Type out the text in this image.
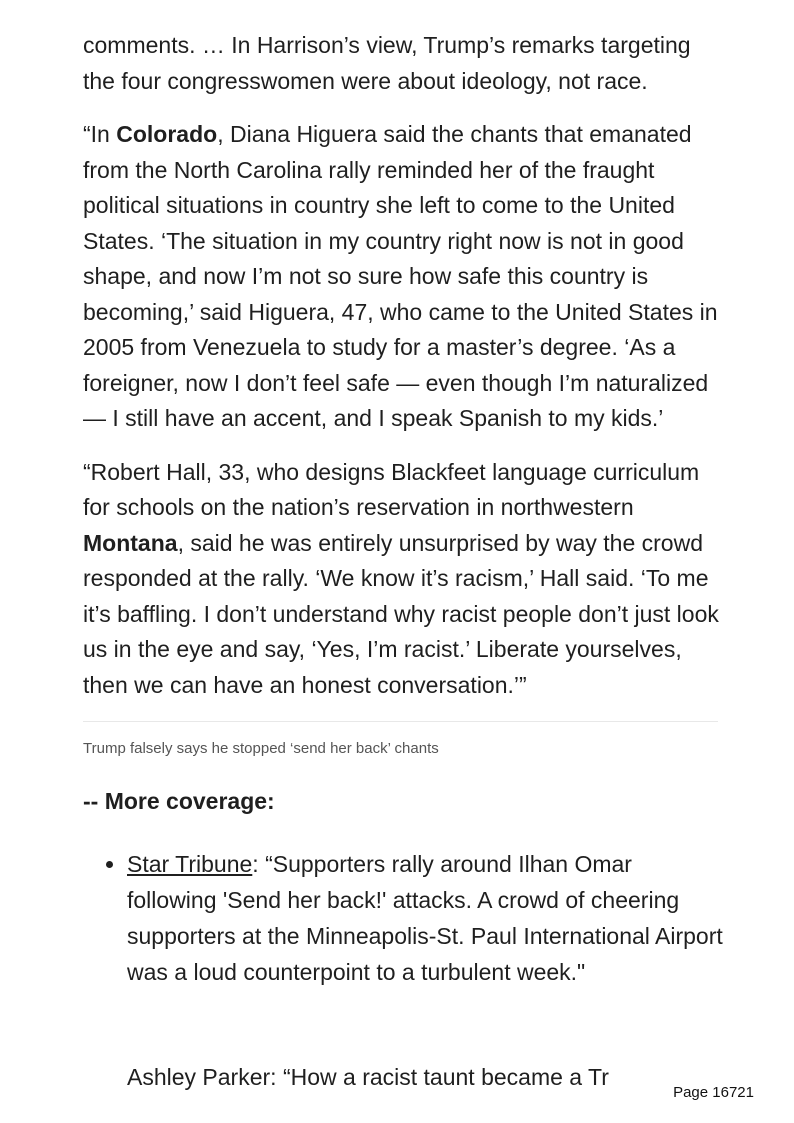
comments. … In Harrison’s view, Trump’s remarks targeting the four congresswomen were about ideology, not race.

“In Colorado, Diana Higuera said the chants that emanated from the North Carolina rally reminded her of the fraught political situations in country she left to come to the United States. ‘The situation in my country right now is not in good shape, and now I’m not so sure how safe this country is becoming,’ said Higuera, 47, who came to the United States in 2005 from Venezuela to study for a master’s degree. ‘As a foreigner, now I don’t feel safe — even though I’m naturalized — I still have an accent, and I speak Spanish to my kids.’

“Robert Hall, 33, who designs Blackfeet language curriculum for schools on the nation’s reservation in northwestern Montana, said he was entirely unsurprised by way the crowd responded at the rally. ‘We know it’s racism,’ Hall said. ‘To me it’s baffling. I don’t understand why racist people don’t just look us in the eye and say, ‘Yes, I’m racist.’ Liberate yourselves, then we can have an honest conversation.’”

Trump falsely says he stopped ‘send her back’ chants

-- More coverage:
• Star Tribune: “Supporters rally around Ilhan Omar following 'Send her back!' attacks. A crowd of cheering supporters at the Minneapolis-St. Paul International Airport was a loud counterpoint to a turbulent week."
Ashley Parker: “How a racist taunt became a Tr
Page 16721
